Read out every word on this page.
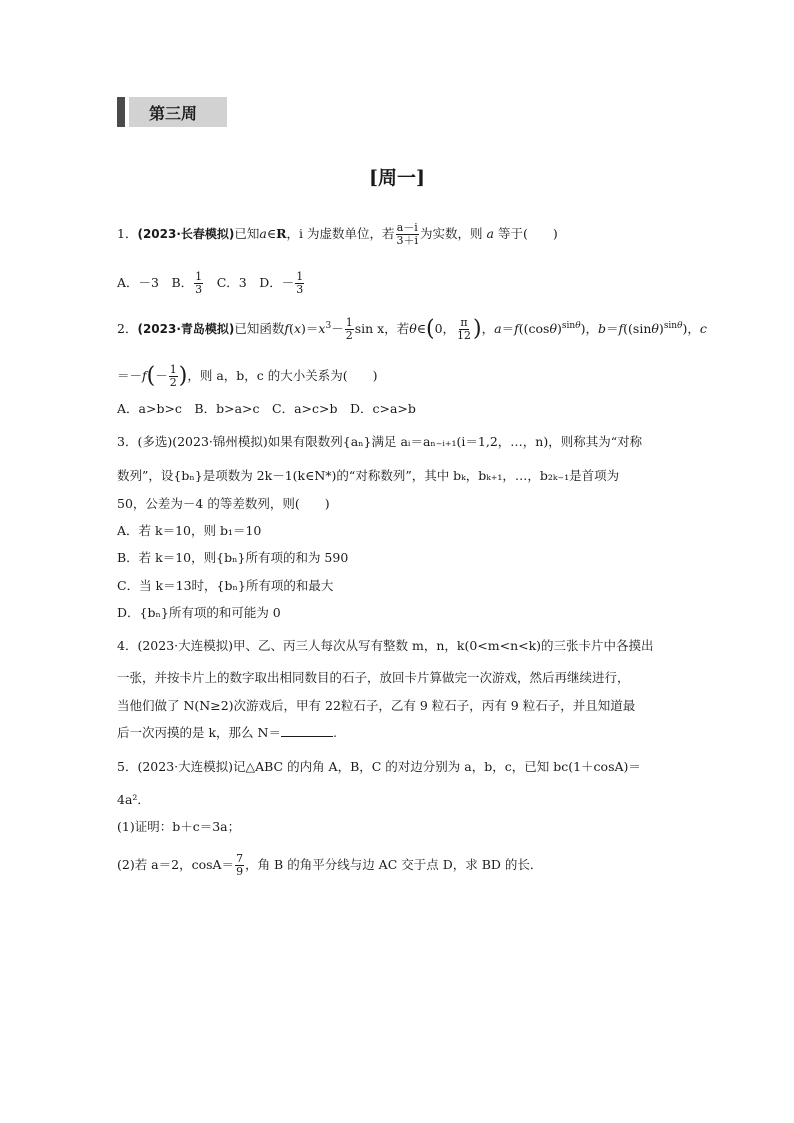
第三周
[周一]
1．(2023·长春模拟)已知a∈R，i 为虚数单位，若 $\frac{a-i}{3+i}$ 为实数，则 a 等于(　　)
A．－3　B． $\frac{1}{3}$
　 C．3　D．－ $\frac{1}{3}$
2．(2023·青岛模拟)已知函数$f(x)=x^3- \frac{1}{2}$ sin x，若θ∈(0， $\frac{\pi}{12}$ )，$a=f((\cos\theta)^{sin\theta})$，$b=f((\sin\theta)^{sin\theta})$，c
$=-f(- \frac{1}{2}$ )，则 a，b，c 的大小关系为(　　)
A．a>b>c　B．b>a>c　C．a>c>b　D．c>a>b
3．(多选)(2023·锦州模拟)如果有限数列{aₙ}满足 aᵢ＝aₙ₋ᵢ₊₁(i＝1,2，…，n)，则称其为“对称
数列”，设{bₙ}是项数为 2k－1(k∈N*)的“对称数列”，其中 bₖ，bₖ₊₁，…，b₂ₖ₋₁是首项为
50，公差为－4 的等差数列，则(　　)
A．若 k＝10，则 b₁＝10
B．若 k＝10，则{bₙ}所有项的和为 590
C．当 k＝13时，{bₙ}所有项的和最大
D．{bₙ}所有项的和可能为 0
4．(2023·大连模拟)甲、乙、丙三人每次从写有整数 m，n，k(0<m<n<k)的三张卡片中各摸出
一张，并按卡片上的数字取出相同数目的石子，放回卡片算做完一次游戏，然后再继续进行，
当他们做了 N(N≥2)次游戏后，甲有 22粒石子，乙有 9 粒石子，丙有 9 粒石子，并且知道最
后一次丙摸的是 k，那么 N＝	.
5．(2023·大连模拟)记△ABC 的内角 A，B，C 的对边分别为 a，b，c，已知 bc(1＋cosA)＝
4a²．
(1)证明：b＋c＝3a；
(2)若 a＝2，$\cos A= \frac{7}{9}$ ，角 B 的角平分线与边 AC 交于点 D，求 BD 的长．
